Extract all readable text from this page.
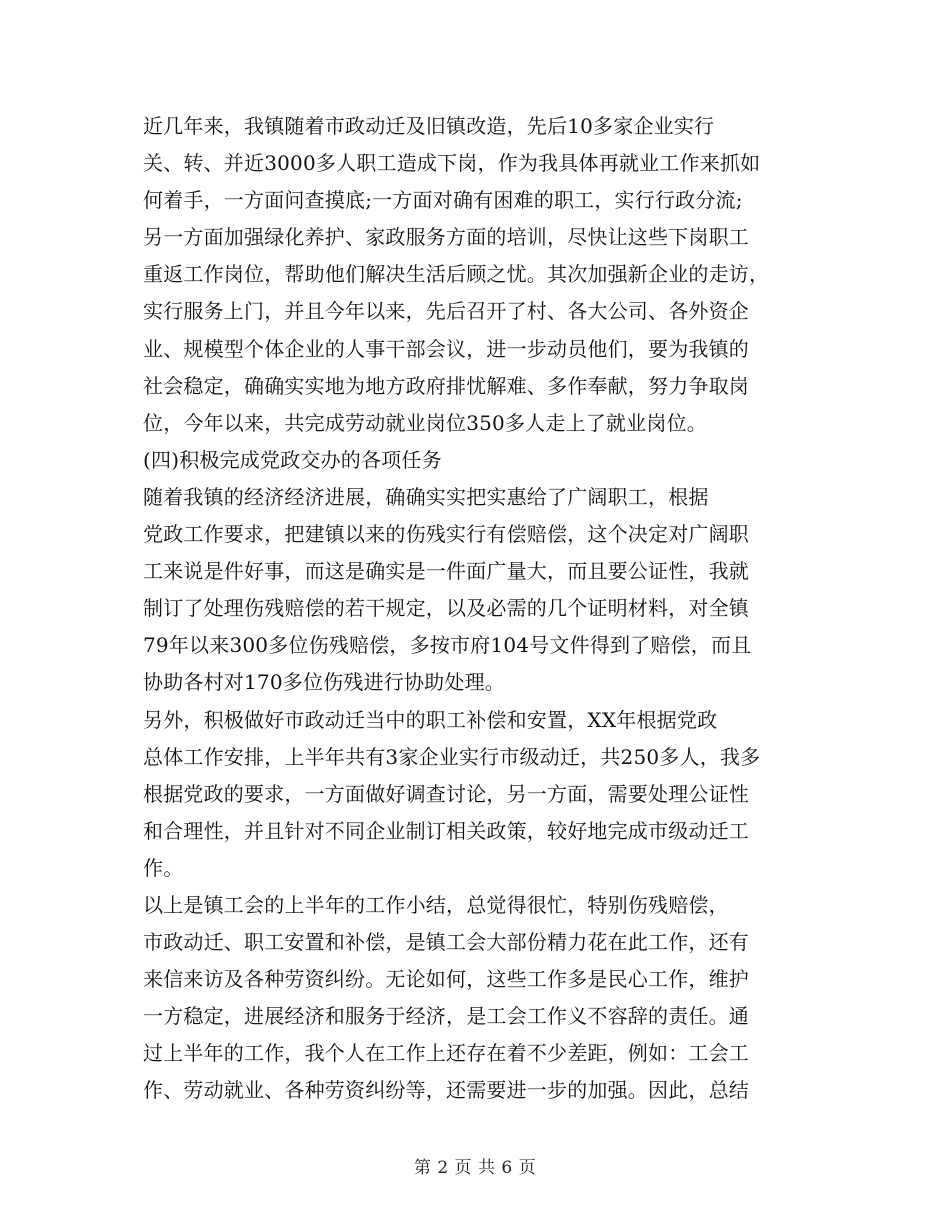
近几年来，我镇随着市政动迁及旧镇改造，先后10多家企业实行
关、转、并近3000多人职工造成下岗，作为我具体再就业工作来抓如
何着手，一方面问查摸底;一方面对确有困难的职工，实行行政分流;
另一方面加强绿化养护、家政服务方面的培训，尽快让这些下岗职工
重返工作岗位，帮助他们解决生活后顾之忧。其次加强新企业的走访，
实行服务上门，并且今年以来，先后召开了村、各大公司、各外资企
业、规模型个体企业的人事干部会议，进一步动员他们，要为我镇的
社会稳定，确确实实地为地方政府排忧解难、多作奉献，努力争取岗
位，今年以来，共完成劳动就业岗位350多人走上了就业岗位。
(四)积极完成党政交办的各项任务
随着我镇的经济经济进展，确确实实把实惠给了广阔职工，根据
党政工作要求，把建镇以来的伤残实行有偿赔偿，这个决定对广阔职
工来说是件好事，而这是确实是一件面广量大，而且要公证性，我就
制订了处理伤残赔偿的若干规定，以及必需的几个证明材料，对全镇
79年以来300多位伤残赔偿，多按市府104号文件得到了赔偿，而且
协助各村对170多位伤残进行协助处理。
另外，积极做好市政动迁当中的职工补偿和安置，XX年根据党政
总体工作安排，上半年共有3家企业实行市级动迁，共250多人，我多
根据党政的要求，一方面做好调查讨论，另一方面，需要处理公证性
和合理性，并且针对不同企业制订相关政策，较好地完成市级动迁工
作。
以上是镇工会的上半年的工作小结，总觉得很忙，特别伤残赔偿，
市政动迁、职工安置和补偿，是镇工会大部份精力花在此工作，还有
来信来访及各种劳资纠纷。无论如何，这些工作多是民心工作，维护
一方稳定，进展经济和服务于经济，是工会工作义不容辞的责任。通
过上半年的工作，我个人在工作上还存在着不少差距，例如：工会工
作、劳动就业、各种劳资纠纷等，还需要进一步的加强。因此，总结
第 2 页 共 6 页
